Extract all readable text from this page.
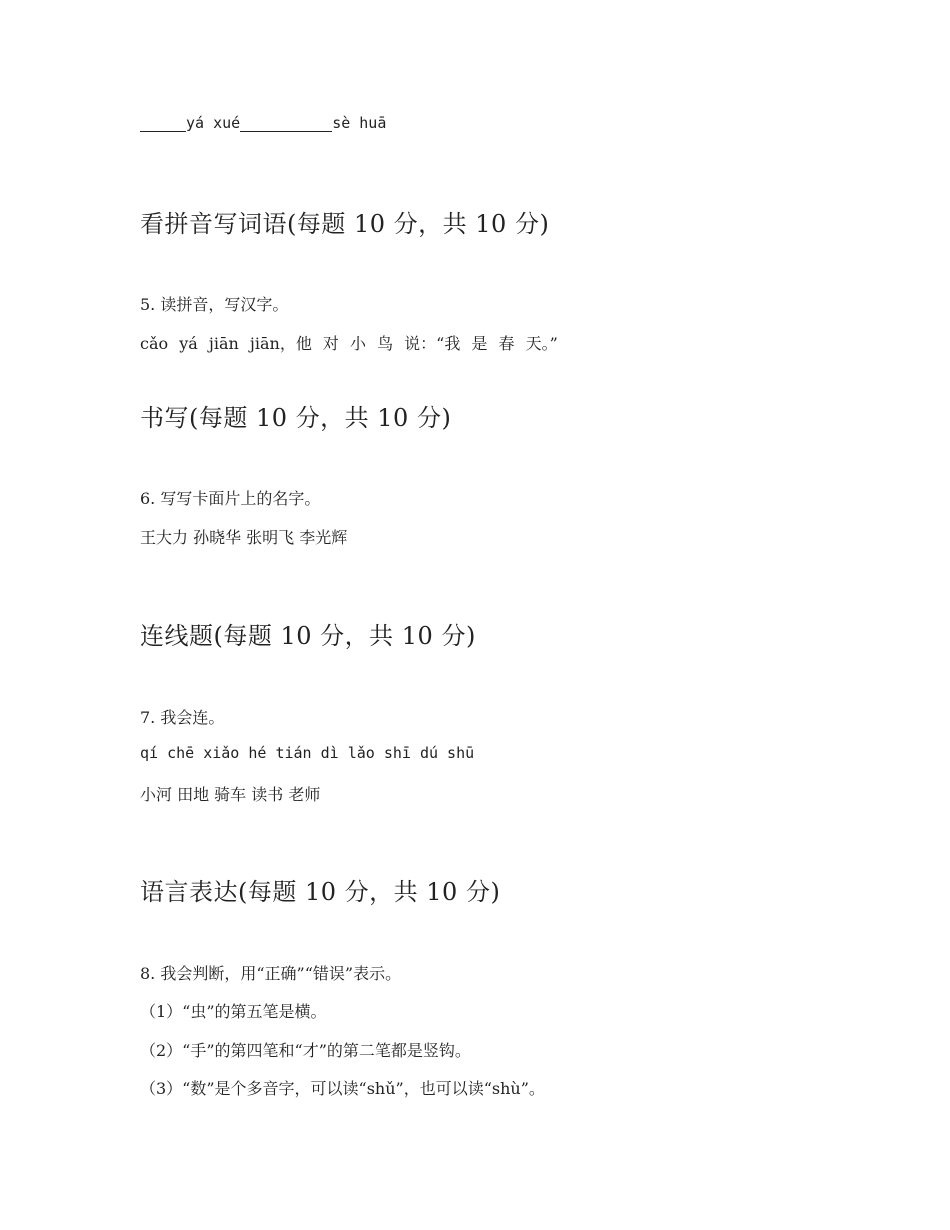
yá xué	sè huā
看拼音写词语(每题 10 分，共 10 分)
5. 读拼音，写汉字。
cǎo yá jiān jiān，他 对 小 鸟 说：“我 是 春 天。”
书写(每题 10 分，共 10 分)
6. 写写卡面片上的名字。
王大力 孙晓华 张明飞 李光辉
连线题(每题 10 分，共 10 分)
7. 我会连。
qí chē xiǎo hé tián dì lǎo shī dú shū
小河 田地 骑车 读书 老师
语言表达(每题 10 分，共 10 分)
8. 我会判断，用“正确”“错误”表示。
（1）“虫”的第五笔是横。
（2）“手”的第四笔和“才”的第二笔都是竖钩。
（3）“数”是个多音字，可以读“shǔ”，也可以读“shù”。
